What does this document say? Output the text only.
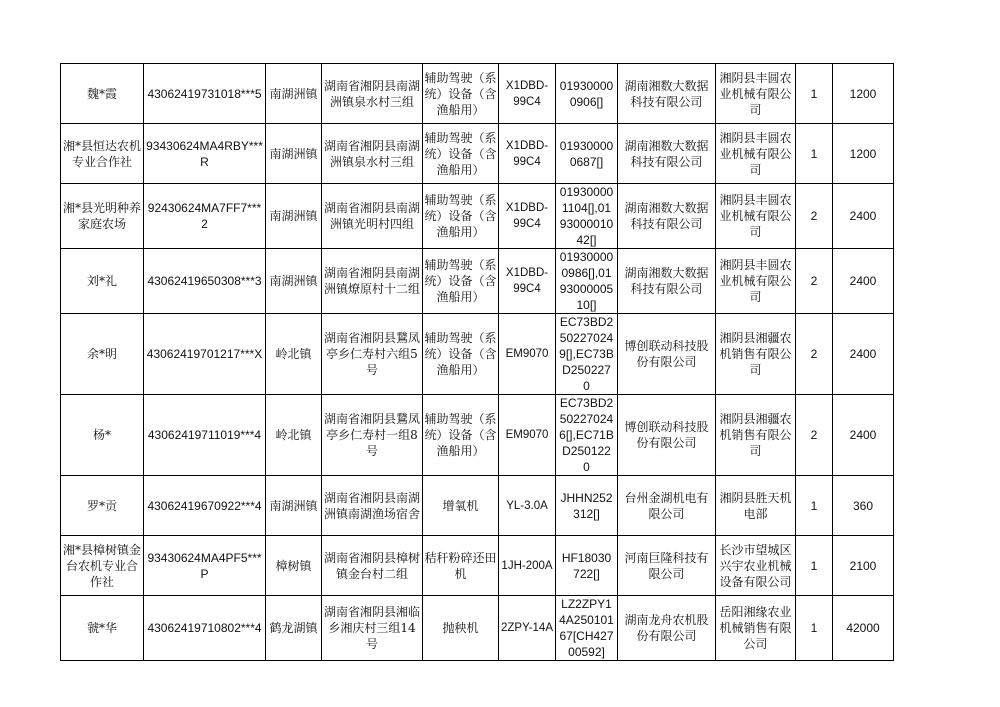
魏*霞	43062419731018***5	南湖洲镇	湖南省湘阴县南湖洲镇泉水村三组	辅助驾驶（系统）设备（含渔船用）	X1DBD-99C4	019300000906[]	湖南湘数大数据科技有限公司	湘阴县丰圆农业机械有限公司	1	1200
湘*县恒达农机专业合作社	93430624MA4RBY***R	南湖洲镇	湖南省湘阴县南湖洲镇泉水村三组	辅助驾驶（系统）设备（含渔船用）	X1DBD-99C4	019300000687[]	湖南湘数大数据科技有限公司	湘阴县丰圆农业机械有限公司	1	1200
湘*县光明种养家庭农场	92430624MA7FF7***2	南湖洲镇	湖南省湘阴县南湖洲镇光明村四组	辅助驾驶（系统）设备（含渔船用）	X1DBD-99C4	019300001104[],019300001042[]	湖南湘数大数据科技有限公司	湘阴县丰圆农业机械有限公司	2	2400
刘*礼	43062419650308***3	南湖洲镇	湖南省湘阴县南湖洲镇燎原村十二组	辅助驾驶（系统）设备（含渔船用）	X1DBD-99C4	019300000986[],019300000510[]	湖南湘数大数据科技有限公司	湘阴县丰圆农业机械有限公司	2	2400
余*明	43062419701217***X	岭北镇	湖南省湘阴县鵞凤亭乡仁寿村六组5号	辅助驾驶（系统）设备（含渔船用）	EM9070	EC73BD2502270249[],EC73BD2502270	博创联动科技股份有限公司	湘阴县湘疆农机销售有限公司	2	2400
杨*	43062419711019***4	岭北镇	湖南省湘阴县鵞凤亭乡仁寿村一组8号	辅助驾驶（系统）设备（含渔船用）	EM9070	EC73BD2502270246[],EC71BD2501220	博创联动科技股份有限公司	湘阴县湘疆农机销售有限公司	2	2400
罗*贡	43062419670922***4	南湖洲镇	湖南省湘阴县南湖洲镇南湖渔场宿舍	增氧机	YL-3.0A	JHHN252312[]	台州金湖机电有限公司	湘阴县胜天机电部	1	360
湘*县樟树镇金台农机专业合作社	93430624MA4PF5***P	樟树镇	湖南省湘阴县樟树镇金台村二组	秸秆粉碎还田机	1JH-200A	HF18030722[]	河南巨隆科技有限公司	长沙市望城区兴宇农业机械设备有限公司	1	2100
虢*华	43062419710802***4	鹤龙湖镇	湖南省湘阴县湘临乡湘庆村三组14号	抛秧机	2ZPY-14A	LZ2ZPY14A25010167[CH42700592]	湖南龙舟农机股份有限公司	岳阳湘缘农业机械销售有限公司	1	42000
